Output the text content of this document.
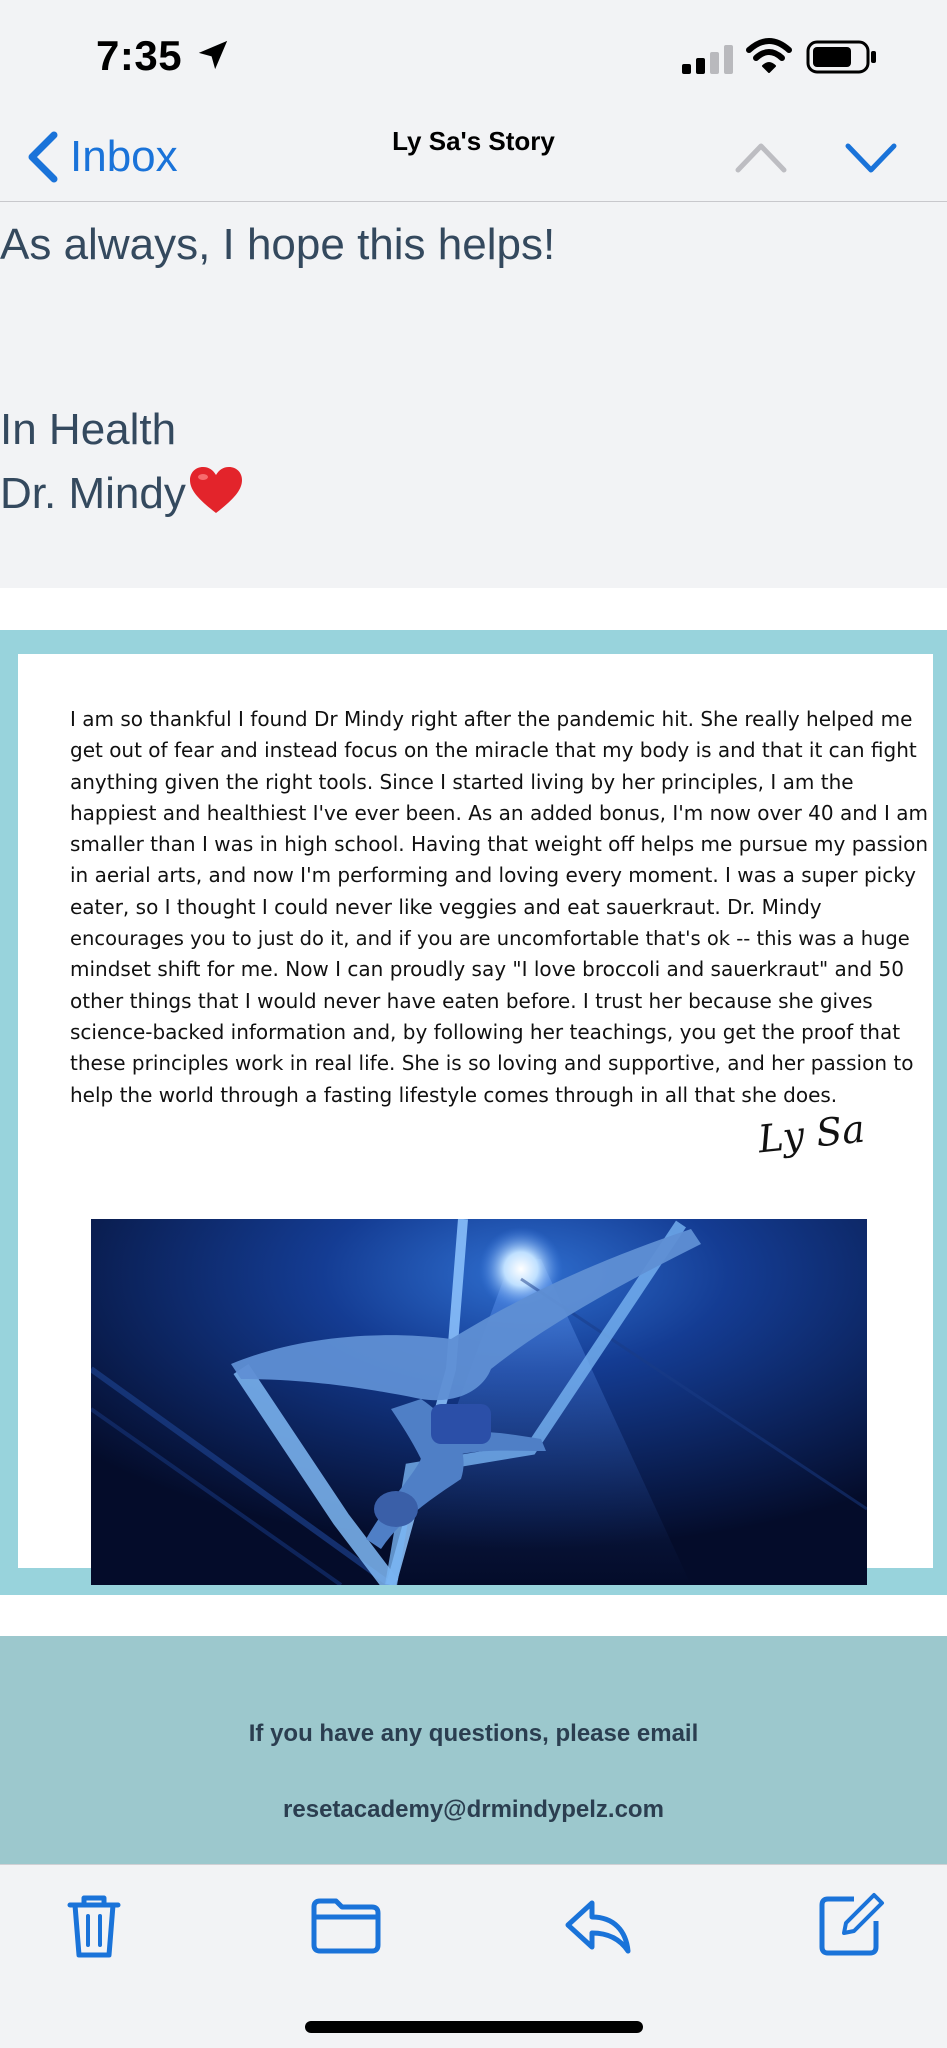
7:35
Inbox	Ly Sa's Story
As always, I hope this helps!
In Health
Dr. Mindy
I am so thankful I found Dr Mindy right after the pandemic hit. She really helped me
get out of fear and instead focus on the miracle that my body is and that it can fight
anything given the right tools. Since I started living by her principles, I am the
happiest and healthiest I've ever been. As an added bonus, I'm now over 40 and I am
smaller than I was in high school. Having that weight off helps me pursue my passion
in aerial arts, and now I'm performing and loving every moment. I was a super picky
eater, so I thought I could never like veggies and eat sauerkraut. Dr. Mindy
encourages you to just do it, and if you are uncomfortable that's ok -- this was a huge
mindset shift for me. Now I can proudly say "I love broccoli and sauerkraut" and 50
other things that I would never have eaten before. I trust her because she gives
science-backed information and, by following her teachings, you get the proof that
these principles work in real life. She is so loving and supportive, and her passion to
help the world through a fasting lifestyle comes through in all that she does.
Ly Sa
If you have any questions, please email
resetacademy@drmindypelz.com
